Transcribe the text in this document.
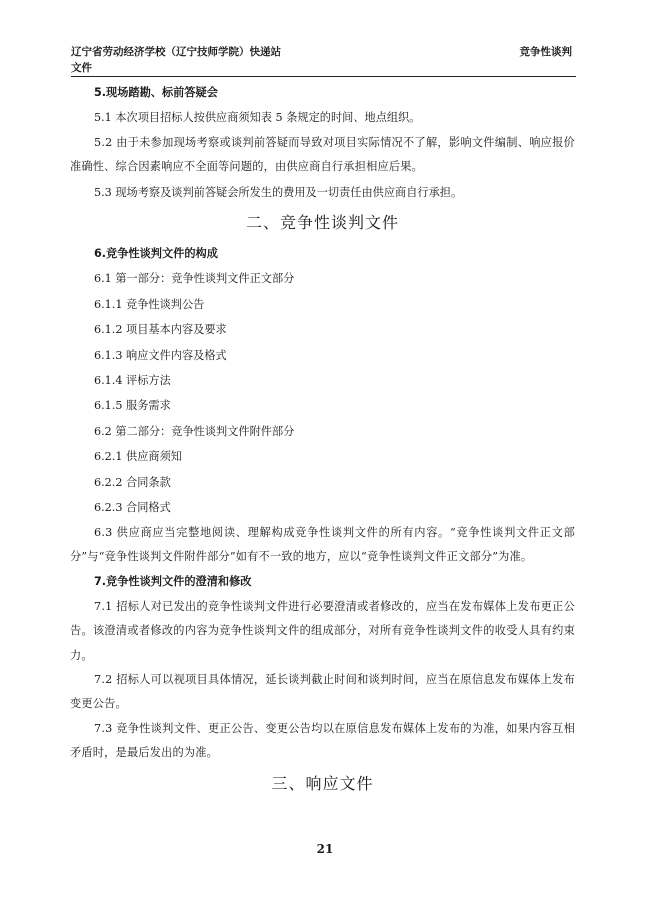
辽宁省劳动经济学校（辽宁技师学院）快递站
文件
竞争性谈判

5.现场踏勘、标前答疑会

5.1 本次项目招标人按供应商须知表 5 条规定的时间、地点组织。

5.2 由于未参加现场考察或谈判前答疑而导致对项目实际情况不了解，影响文件编制、响应报价准确性、综合因素响应不全面等问题的，由供应商自行承担相应后果。

5.3 现场考察及谈判前答疑会所发生的费用及一切责任由供应商自行承担。

二、竞争性谈判文件

6.竞争性谈判文件的构成

6.1 第一部分：竞争性谈判文件正文部分

6.1.1 竞争性谈判公告

6.1.2 项目基本内容及要求

6.1.3 响应文件内容及格式

6.1.4 评标方法

6.1.5 服务需求

6.2 第二部分：竞争性谈判文件附件部分

6.2.1 供应商须知

6.2.2 合同条款

6.2.3 合同格式

6.3 供应商应当完整地阅读、理解构成竞争性谈判文件的所有内容。“竞争性谈判文件正文部分”与“竞争性谈判文件附件部分”如有不一致的地方，应以“竞争性谈判文件正文部分”为准。

7.竞争性谈判文件的澄清和修改

7.1 招标人对已发出的竞争性谈判文件进行必要澄清或者修改的，应当在发布媒体上发布更正公告。该澄清或者修改的内容为竞争性谈判文件的组成部分，对所有竞争性谈判文件的收受人具有约束力。

7.2 招标人可以视项目具体情况，延长谈判截止时间和谈判时间，应当在原信息发布媒体上发布变更公告。

7.3 竞争性谈判文件、更正公告、变更公告均以在原信息发布媒体上发布的为准，如果内容互相矛盾时，是最后发出的为准。

三、响应文件

21
